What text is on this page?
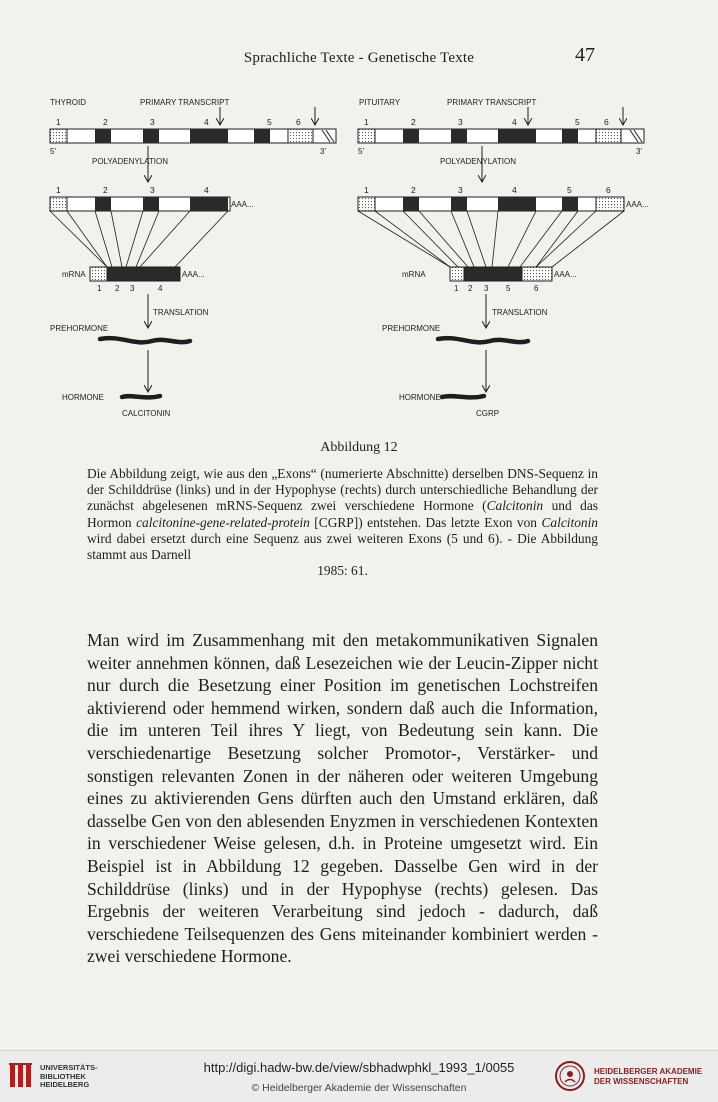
Sprachliche Texte - Genetische Texte	47
THYROID	PRIMARY TRANSCRIPT
1	2	3	4	5	6
5'	3'
POLYADENYLATION
1	2	3	4
AAA...
mRNA	AAA...
1 2 3	4
TRANSLATION
PREHORMONE
HORMONE
CALCITONIN
PITUITARY	PRIMARY TRANSCRIPT
1	2	3	4	5	6
5'	3'
POLYADENYLATION
1	2	3	4	5	6
AAA...
mRNA	AAA...
1 2 3 5	6
TRANSLATION
PREHORMONE
HORMONE
CGRP
Abbildung 12

Die Abbildung zeigt, wie aus den „Exons“ (numerierte Abschnitte) derselben DNS-Sequenz in der Schilddrüse (links) und in der Hypophyse (rechts) durch unterschiedliche Behandlung der zunächst abgelesenen mRNS-Sequenz zwei verschiedene Hormone (Calcitonin und das Hormon calcitonine-gene-related-protein [CGRP]) entstehen. Das letzte Exon von Calcitonin wird dabei ersetzt durch eine Sequenz aus zwei weiteren Exons (5 und 6). - Die Abbildung stammt aus Darnell
1985: 61.

Man wird im Zusammenhang mit den metakommunikativen Signalen weiter annehmen können, daß Lesezeichen wie der Leucin-Zipper nicht nur durch die Besetzung einer Position im genetischen Lochstreifen aktivierend oder hemmend wirken, sondern daß auch die Information, die im unteren Teil ihres Y liegt, von Bedeutung sein kann. Die verschiedenartige Besetzung solcher Promotor-, Verstärker- und sonstigen relevanten Zonen in der näheren oder weiteren Umgebung eines zu aktivierenden Gens dürften auch den Umstand erklären, daß dasselbe Gen von den ablesenden Enyzmen in verschiedenen Kontexten in verschiedener Weise gelesen, d.h. in Proteine umgesetzt wird. Ein Beispiel ist in Abbildung 12 gegeben. Dasselbe Gen wird in der Schilddrüse (links) und in der Hypophyse (rechts) gelesen. Das Ergebnis der weiteren Verarbeitung sind jedoch - dadurch, daß verschiedene Teilsequenzen des Gens miteinander kombiniert werden - zwei verschiedene Hormone.

UNIVERSITÄTS-
BIBLIOTHEK
HEIDELBERG
http://digi.hadw-bw.de/view/sbhadwphkl_1993_1/0055
© Heidelberger Akademie der Wissenschaften
HEIDELBERGER AKADEMIE
DER WISSENSCHAFTEN
